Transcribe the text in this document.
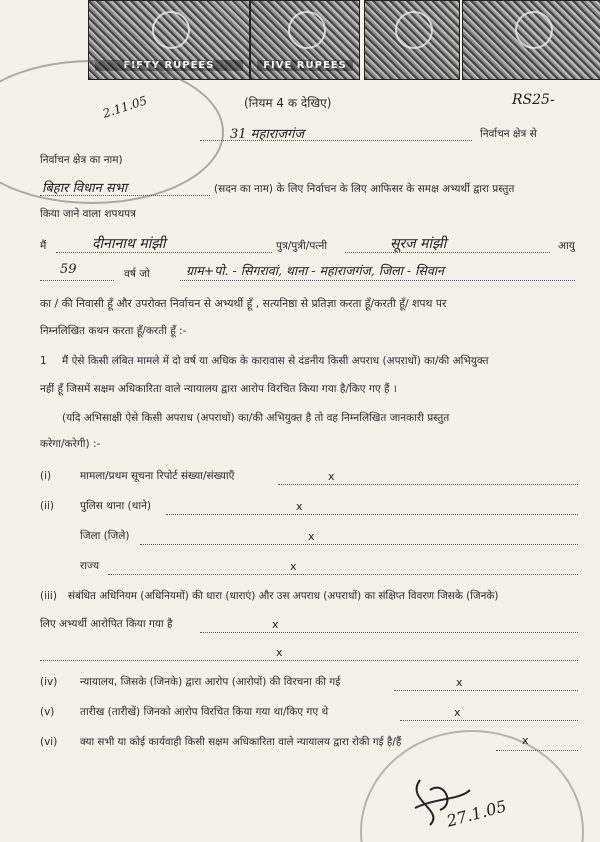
FIFTY RUPEES	FIVE RUPEES
2.11.05	(नियम 4 क देखिए)	RS25-
31 महाराजगंज	निर्वाचन क्षेत्र से
निर्वाचन क्षेत्र का नाम)
बिहार विधान सभा	(सदन का नाम) के लिए निर्वाचन के लिए आफिसर के समक्ष अभ्यर्थी द्वारा प्रस्तुत
किया जाने वाला शपथपत्र
मैं	दीनानाथ मांझी	पुत्र/पुत्री/पत्नी	सूरज मांझी	आयु
59	वर्ष जो	ग्राम+पो. - सिगरावां, थाना - महाराजगंज, जिला - सिवान
का / की निवासी हूँ और उपरोक्त निर्वाचन से अभ्यर्थी हूँ , सत्यनिष्ठा से प्रतिज्ञा करता हूँ/करती हूँ/ शपथ पर
निम्नलिखित कथन करता हूँ/करती हूँ :-
1 मैं ऐसे किसी लंबित मामले में दो वर्ष या अधिक के कारावास से दंडनीय किसी अपराध (अपराधों) का/की अभियुक्त
नहीं हूँ जिसमें सक्षम अधिकारिता वाले न्यायालय द्वारा आरोप विरचित किया गया है/किए गए हैं ।
(यदि अभिसाक्षी ऐसे किसी अपराध (अपराधों) का/की अभियुक्त है तो वह निम्नलिखित जानकारी प्रस्तुत
करेगा/करेगी) :-
(i)	मामला/प्रथम सूचना रिपोर्ट संख्या/संख्याएँ	x
(ii) पुलिस थाना (थाने)	x
जिला (जिले)	x
राज्य	x
(iii) संबंधित अधिनियम (अधिनियमों) की धारा (धाराएं) और उस अपराध (अपराधों) का संक्षिप्त विवरण जिसके (जिनके)
लिए अभ्यर्थी आरोपित किया गया है	x
x
(iv) न्यायालय, जिसके (जिनके) द्वारा आरोप (आरोपों) की विरचना की गई	x
(v) तारीख (तारीखें) जिनको आरोप विरचित किया गया था/किए गए थे	x
(vi) क्या सभी या कोई कार्यवाही किसी सक्षम अधिकारिता वाले न्यायालय द्वारा रोकी गई है/हैं	x
27.1.05
